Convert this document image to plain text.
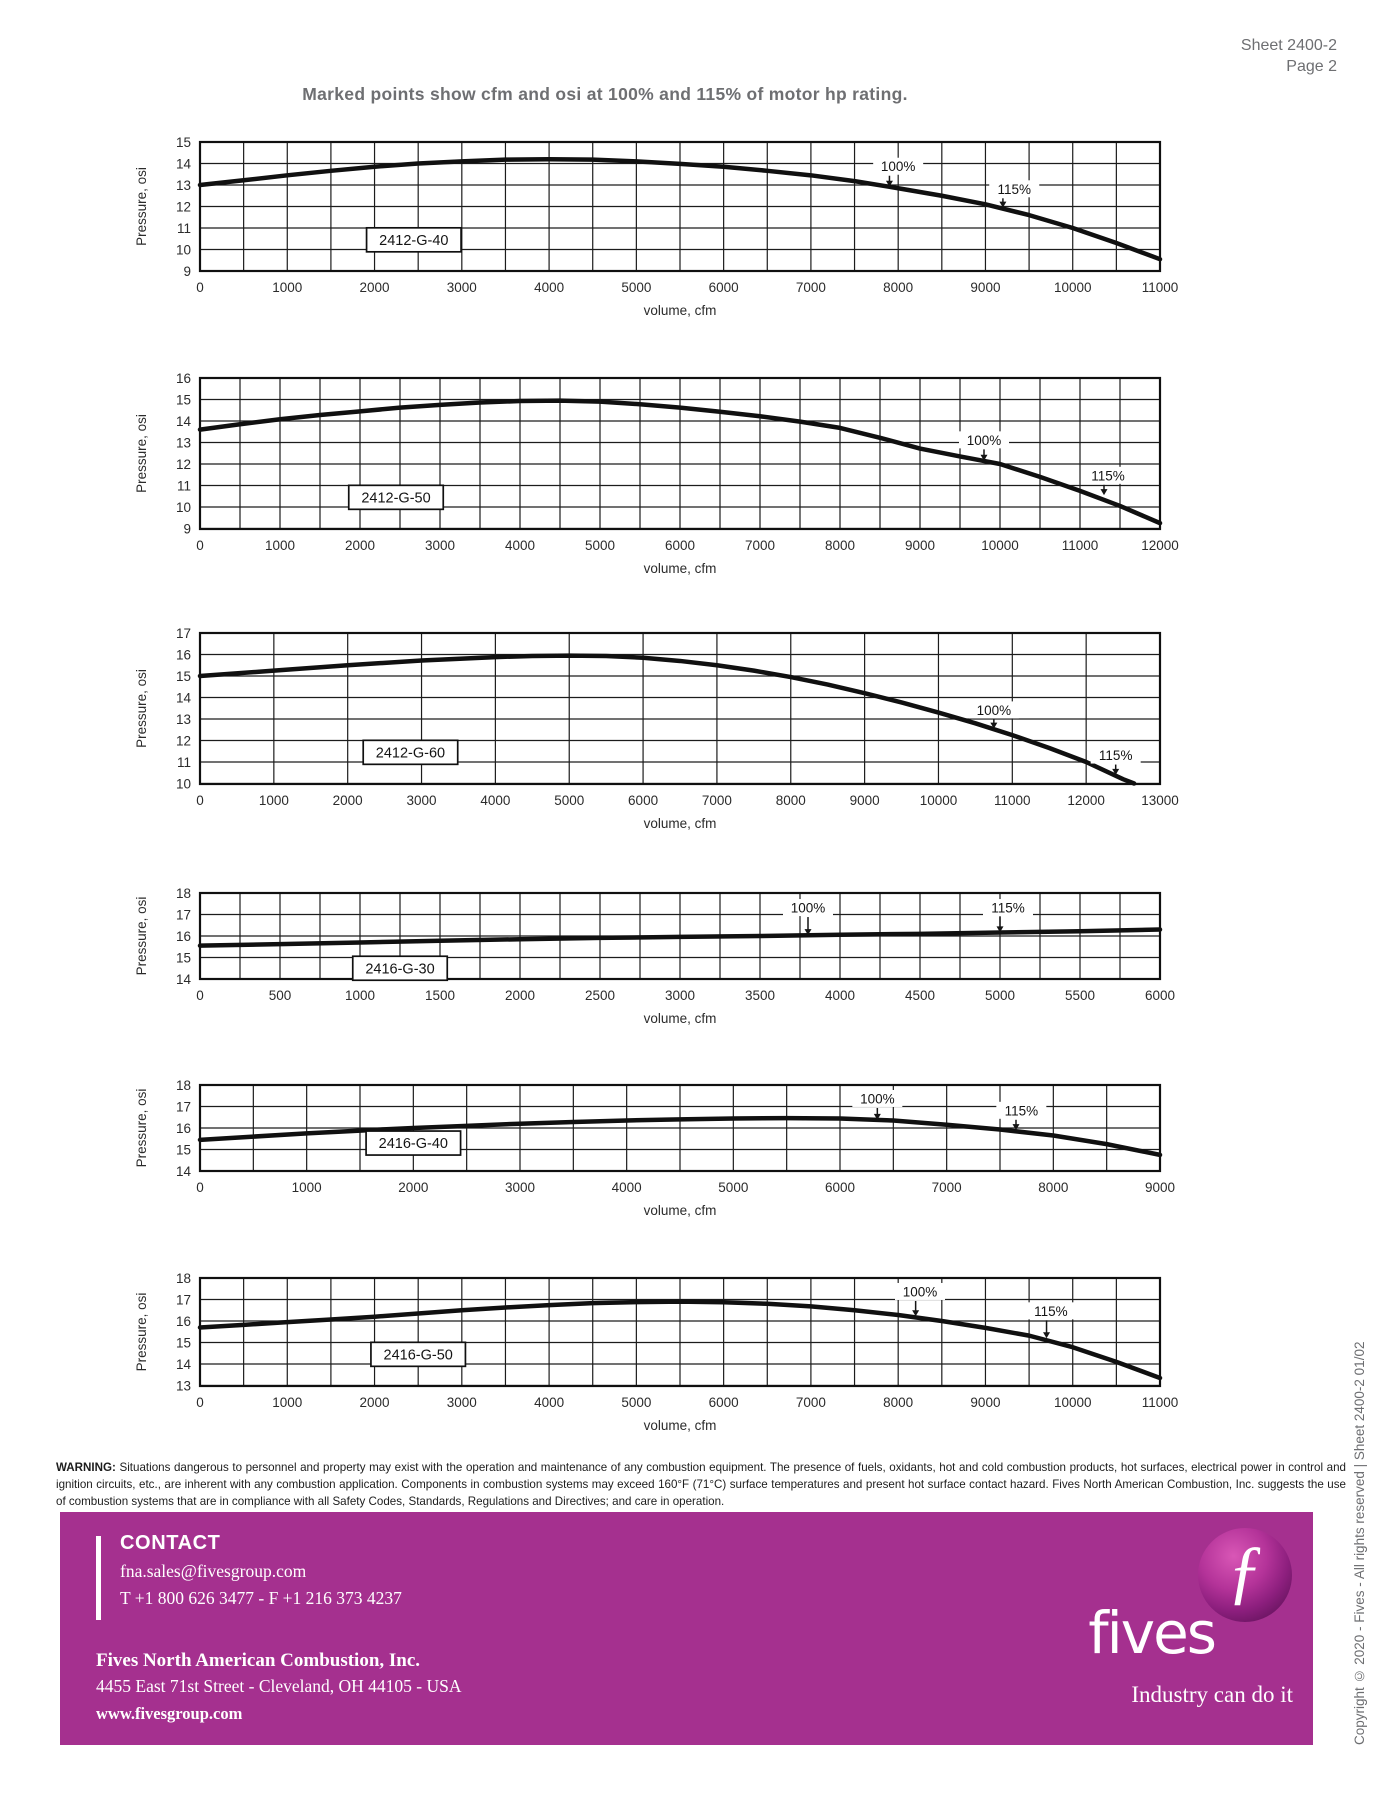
Sheet 2400-2
Page 2
Marked points show cfm and osi at 100% and 115% of motor hp rating.
9
10
11
12
13
14
15
0	1000	2000	3000	4000	5000	6000	7000	8000	9000	10000	11000
Pressure, osi
volume, cfm
2412-G-40
100%
115%
9
10
11
12
13
14
15
16
0	1000	2000	3000	4000	5000	6000	7000	8000	9000	10000	11000	12000
Pressure, osi
volume, cfm
2412-G-50
100%
115%
10
11
12
13
14
15
16
17
0	1000	2000	3000	4000	5000	6000	7000	8000	9000	10000	11000	12000	13000
Pressure, osi
volume, cfm
2412-G-60
100%
115%
14
15
16
17
18
0	500	1000	1500	2000	2500	3000	3500	4000	4500	5000	5500	6000
Pressure, osi
volume, cfm
2416-G-30
100%	115%
14
15
16
17
18
0	1000	2000	3000	4000	5000	6000	7000	8000	9000
Pressure, osi
volume, cfm
2416-G-40
100%
115%
13
14
15
16
17
18
0	1000	2000	3000	4000	5000	6000	7000	8000	9000	10000	11000
Pressure, osi
volume, cfm
2416-G-50
100%
115%

WARNING: Situations dangerous to personnel and property may exist with the operation and maintenance of any combustion equipment. The presence of fuels, oxidants, hot and cold combustion products, hot surfaces, electrical power in control and ignition circuits, etc., are inherent with any combustion application. Components in combustion systems may exceed 160°F (71°C) surface temperatures and present hot surface contact hazard. Fives North American Combustion, Inc. suggests the use of combustion systems that are in compliance with all Safety Codes, Standards, Regulations and Directives; and care in operation.

CONTACT
fna.sales@fivesgroup.com
T +1 800 626 3477 - F +1 216 373 4237
Fives North American Combustion, Inc.
4455 East 71st Street - Cleveland, OH 44105 - USA
www.fivesgroup.com
ƒ
fives
Industry can do it	Copyright © 2020 - Fives - All rights reserved | Sheet 2400-2 01/02
